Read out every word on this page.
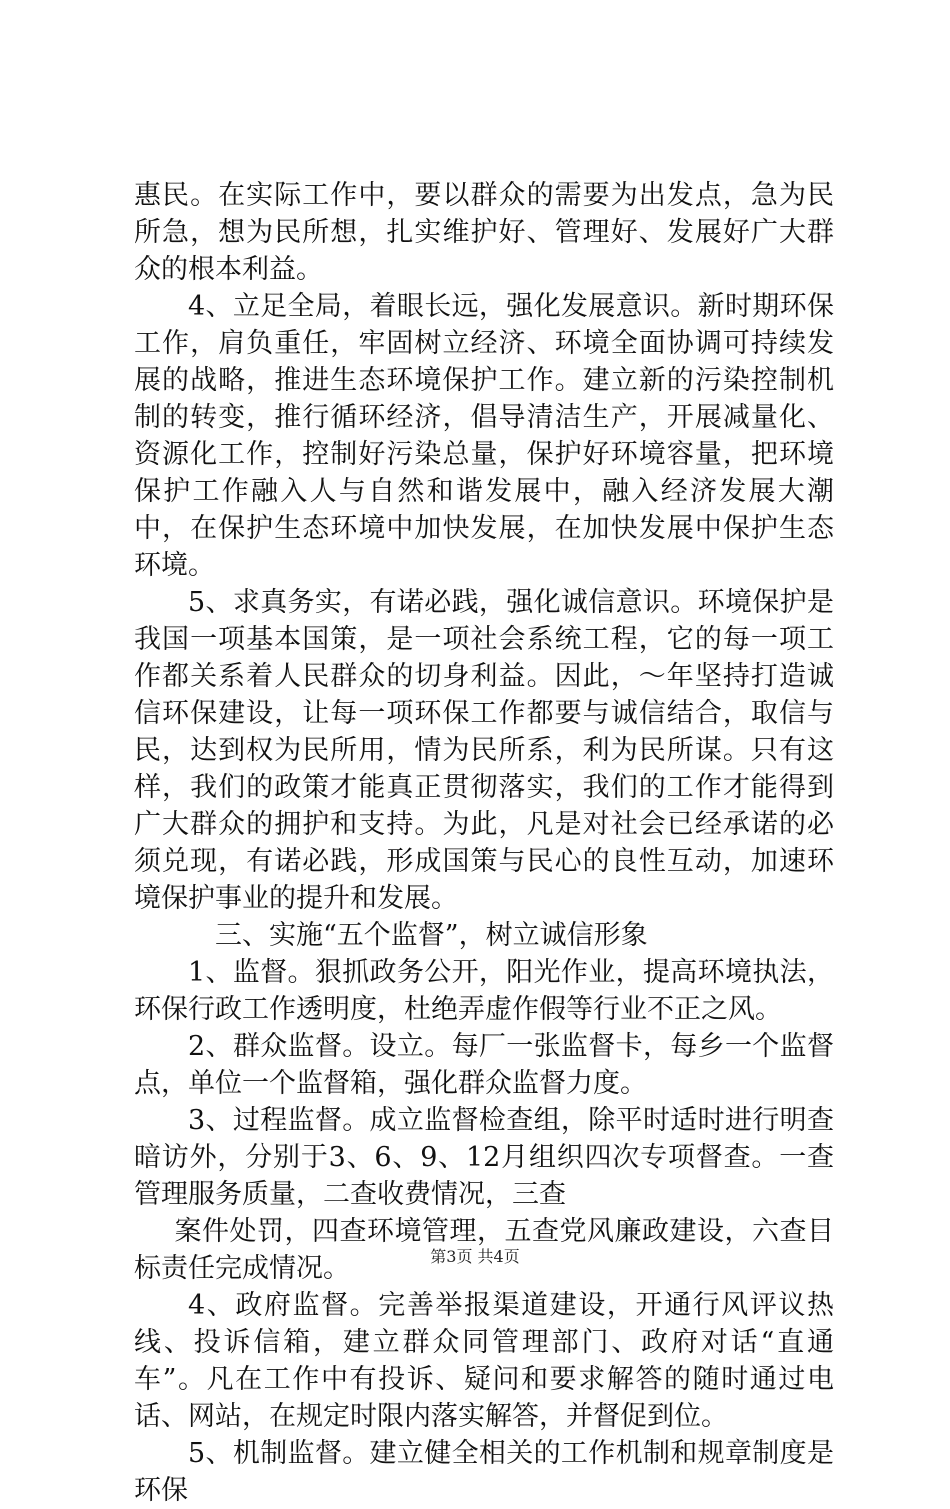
惠民。在实际工作中，要以群众的需要为出发点，急为民所急，想为民所想，扎实维护好、管理好、发展好广大群众的根本利益。

4、立足全局，着眼长远，强化发展意识。新时期环保工作，肩负重任，牢固树立经济、环境全面协调可持续发展的战略，推进生态环境保护工作。建立新的污染控制机制的转变，推行循环经济，倡导清洁生产，开展减量化、资源化工作，控制好污染总量，保护好环境容量，把环境保护工作融入人与自然和谐发展中，融入经济发展大潮中，在保护生态环境中加快发展，在加快发展中保护生态环境。

5、求真务实，有诺必践，强化诚信意识。环境保护是我国一项基本国策，是一项社会系统工程，它的每一项工作都关系着人民群众的切身利益。因此，～年坚持打造诚信环保建设，让每一项环保工作都要与诚信结合，取信与民，达到权为民所用，情为民所系，利为民所谋。只有这样，我们的政策才能真正贯彻落实，我们的工作才能得到广大群众的拥护和支持。为此，凡是对社会已经承诺的必须兑现，有诺必践，形成国策与民心的良性互动，加速环境保护事业的提升和发展。

三、实施“五个监督”，树立诚信形象

1、监督。狠抓政务公开，阳光作业，提高环境执法，环保行政工作透明度，杜绝弄虚作假等行业不正之风。

2、群众监督。设立。每厂一张监督卡，每乡一个监督点，单位一个监督箱，强化群众监督力度。

3、过程监督。成立监督检查组，除平时适时进行明查暗访外，分别于3、6、9、12月组织四次专项督查。一查管理服务质量，二查收费情况，三查

案件处罚，四查环境管理，五查党风廉政建设，六查目标责任完成情况。

4、政府监督。完善举报渠道建设，开通行风评议热线、投诉信箱，建立群众同管理部门、政府对话“直通车”。凡在工作中有投诉、疑问和要求解答的随时通过电话、网站，在规定时限内落实解答，并督促到位。

5、机制监督。建立健全相关的工作机制和规章制度是环保

第3页 共4页
